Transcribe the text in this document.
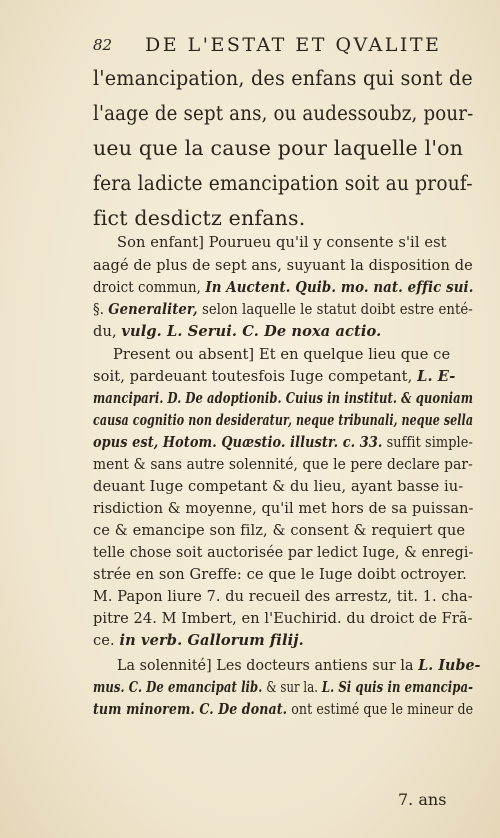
82 DE L'ESTAT ET QVALITE
l'emancipation, des enfans qui sont de
l'aage de sept ans, ou audessoubz, pour-
ueu que la cause pour laquelle l'on
fera ladicte emancipation soit au prouf-
fict desdictz enfans.
Son enfant] Pourueu qu'il y consente s'il est
aagé de plus de sept ans, suyuant la disposition de
droict commun, In Auctent. Quib. mo. nat. effic sui.
§. Generaliter, selon laquelle le statut doibt estre enté-
du, vulg. L. Serui. C. De noxa actio.
Present ou absent] Et en quelque lieu que ce
soit, pardeuant toutesfois Iuge competant, L. E-
mancipari. D. De adoptionib. Cuius in institut. & quoniam
causa cognitio non desideratur, neque tribunali, neque sella
opus est, Hotom. Quæstio. illustr. c. 33. suffit simple-
ment & sans autre solennité, que le pere declare par-
deuant Iuge competant & du lieu, ayant basse iu-
risdiction & moyenne, qu'il met hors de sa puissan-
ce & emancipe son filz, & consent & requiert que
telle chose soit auctorisée par ledict Iuge, & enregi-
strée en son Greffe: ce que le Iuge doibt octroyer.
M. Papon liure 7. du recueil des arrestz, tit. 1. cha-
pitre 24. M Imbert, en l'Euchirid. du droict de Frã-
ce. in verb. Gallorum filij.
La solennité] Les docteurs antiens sur la L. Iube-
mus. C. De emancipat lib. & sur la. L. Si quis in emancipa-
tum minorem. C. De donat. ont estimé que le mineur de
7. ans
